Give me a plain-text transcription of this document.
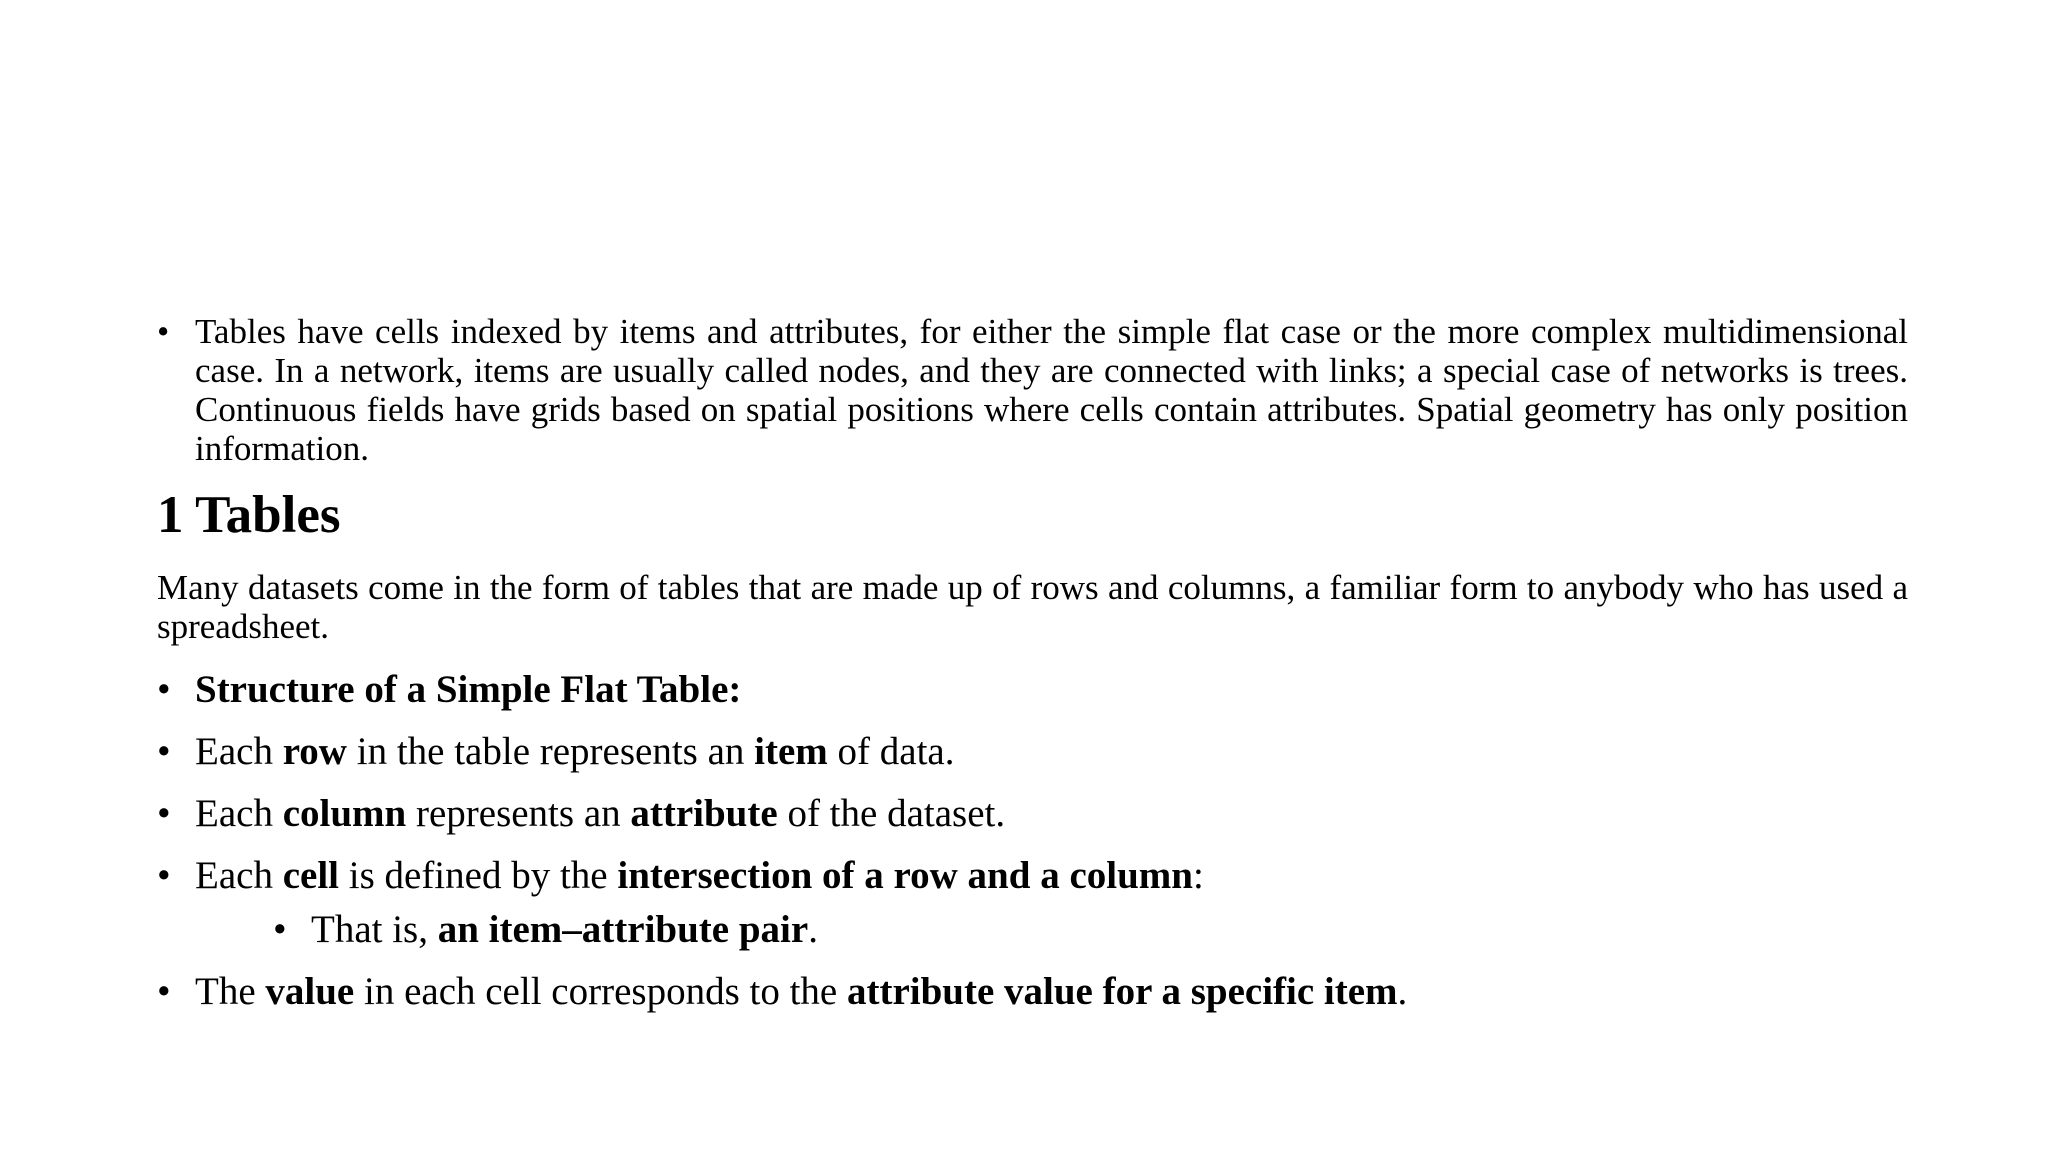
• Tables have cells indexed by items and attributes, for either the simple flat case or the more complex multidimensional case. In a network, items are usually called nodes, and they are connected with links; a special case of networks is trees. Continuous fields have grids based on spatial positions where cells contain attributes. Spatial geometry has only position information.
1 Tables

Many datasets come in the form of tables that are made up of rows and columns, a familiar form to anybody who has used a spreadsheet.

• Structure of a Simple Flat Table:
• Each row in the table represents an item of data.
• Each column represents an attribute of the dataset.
• Each cell is defined by the intersection of a row and a column:
• That is, an item–attribute pair.
• The value in each cell corresponds to the attribute value for a specific item.
